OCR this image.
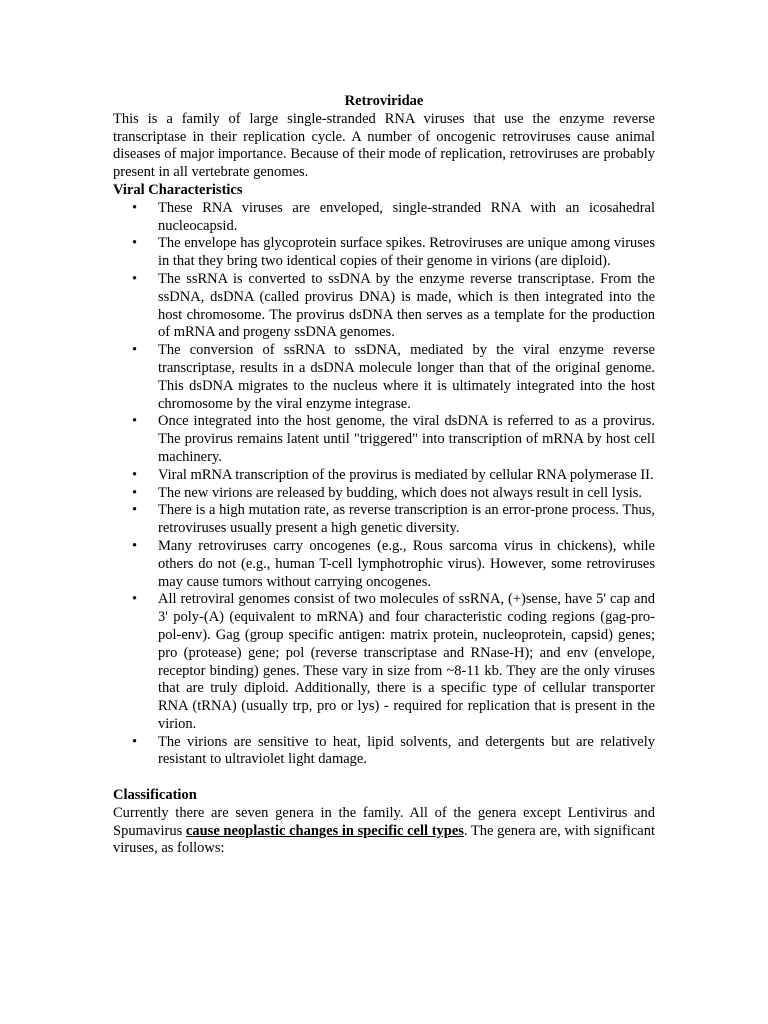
Retroviridae

This is a family of large single-stranded RNA viruses that use the enzyme reverse transcriptase in their replication cycle. A number of oncogenic retroviruses cause animal diseases of major importance. Because of their mode of replication, retroviruses are probably present in all vertebrate genomes.

Viral Characteristics
• These RNA viruses are enveloped, single-stranded RNA with an icosahedral nucleocapsid.
• The envelope has glycoprotein surface spikes. Retroviruses are unique among viruses in that they bring two identical copies of their genome in virions (are diploid).
• The ssRNA is converted to ssDNA by the enzyme reverse transcriptase. From the ssDNA, dsDNA (called provirus DNA) is made, which is then integrated into the host chromosome. The provirus dsDNA then serves as a template for the production of mRNA and progeny ssDNA genomes.
• The conversion of ssRNA to ssDNA, mediated by the viral enzyme reverse transcriptase, results in a dsDNA molecule longer than that of the original genome. This dsDNA migrates to the nucleus where it is ultimately integrated into the host chromosome by the viral enzyme integrase.
• Once integrated into the host genome, the viral dsDNA is referred to as a provirus. The provirus remains latent until "triggered" into transcription of mRNA by host cell machinery.
• Viral mRNA transcription of the provirus is mediated by cellular RNA polymerase II.
• The new virions are released by budding, which does not always result in cell lysis.
• There is a high mutation rate, as reverse transcription is an error-prone process. Thus, retroviruses usually present a high genetic diversity.
• Many retroviruses carry oncogenes (e.g., Rous sarcoma virus in chickens), while others do not (e.g., human T-cell lymphotrophic virus). However, some retroviruses may cause tumors without carrying oncogenes.
• All retroviral genomes consist of two molecules of ssRNA, (+)sense, have 5' cap and 3' poly-(A) (equivalent to mRNA) and four characteristic coding regions (gag-pro-pol-env). Gag (group specific antigen: matrix protein, nucleoprotein, capsid) genes; pro (protease) gene; pol (reverse transcriptase and RNase-H); and env (envelope, receptor binding) genes. These vary in size from ~8-11 kb. They are the only viruses that are truly diploid. Additionally, there is a specific type of cellular transporter RNA (tRNA) (usually trp, pro or lys) - required for replication that is present in the virion.
• The virions are sensitive to heat, lipid solvents, and detergents but are relatively resistant to ultraviolet light damage.
Classification

Currently there are seven genera in the family. All of the genera except Lentivirus and Spumavirus cause neoplastic changes in specific cell types. The genera are, with significant viruses, as follows:
